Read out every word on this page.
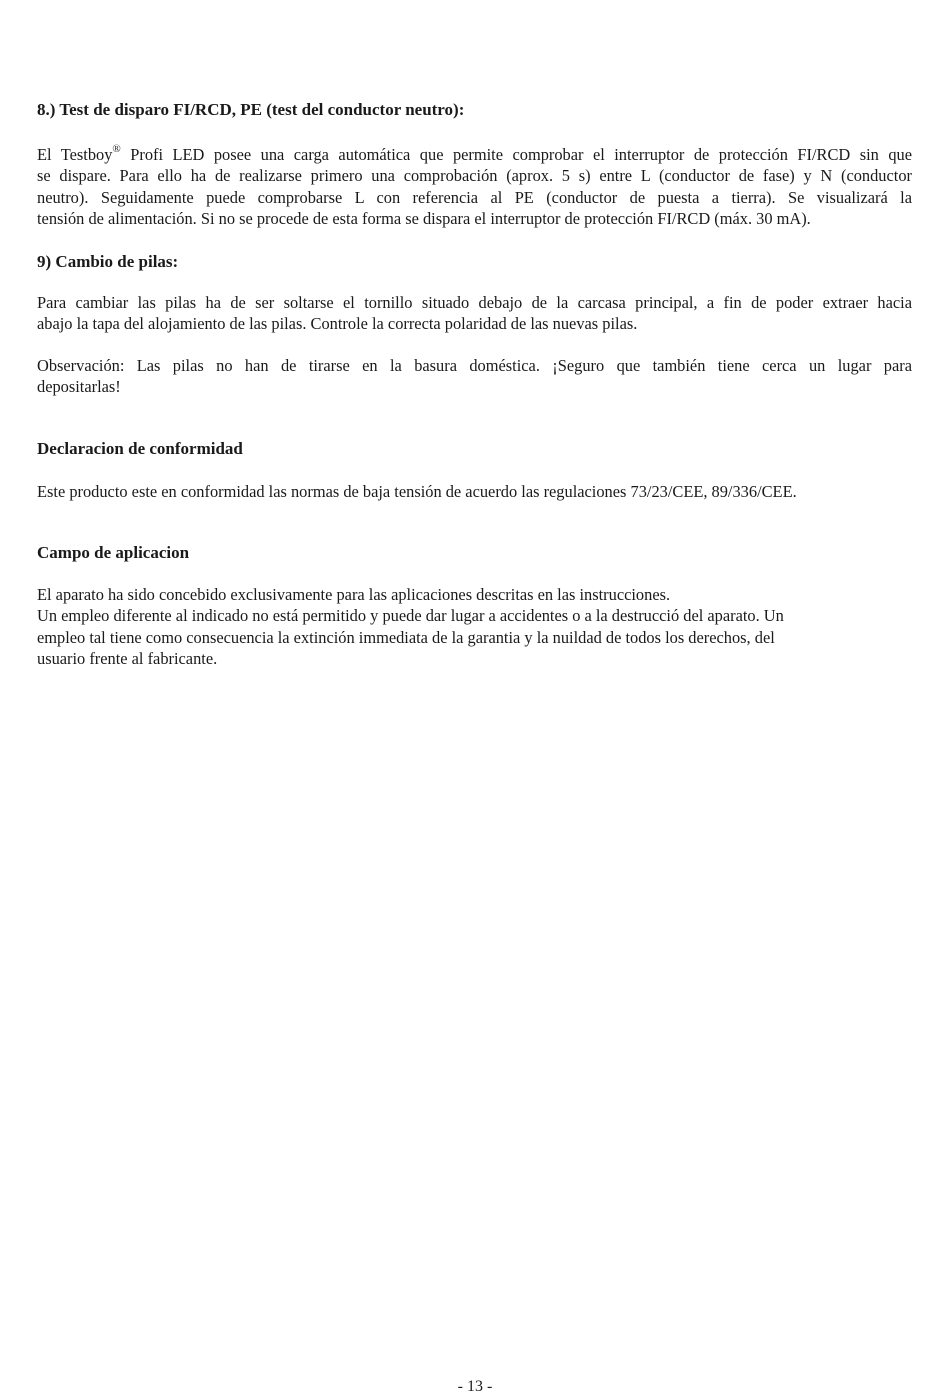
8.) Test de disparo FI/RCD, PE (test del conductor neutro):
El Testboy® Profi LED posee una carga automática que permite comprobar el interruptor de protección FI/RCD sin que
se dispare. Para ello ha de realizarse primero una comprobación (aprox. 5 s) entre L (conductor de fase) y N (conductor
neutro). Seguidamente puede comprobarse L con referencia al PE (conductor de puesta a tierra). Se visualizará la
tensión de alimentación. Si no se procede de esta forma se dispara el interruptor de protección FI/RCD (máx. 30 mA).
9) Cambio de pilas:
Para cambiar las pilas ha de ser soltarse el tornillo situado debajo de la carcasa principal, a fin de poder extraer hacia
abajo la tapa del alojamiento de las pilas. Controle la correcta polaridad de las nuevas pilas.
Observación: Las pilas no han de tirarse en la basura doméstica. ¡Seguro que también tiene cerca un lugar para
depositarlas!
Declaracion de conformidad
Este producto este en conformidad las normas de baja tensión de acuerdo las regulaciones 73/23/CEE, 89/336/CEE.
Campo de aplicacion
El aparato ha sido concebido exclusivamente para las aplicaciones descritas en las instrucciones.
Un empleo diferente al indicado no está permitido y puede dar lugar a accidentes o a la destrucció del aparato. Un
empleo tal tiene como consecuencia la extinción immediata de la garantia y la nuildad de todos los derechos, del
usuario frente al fabricante.
- 13 -
